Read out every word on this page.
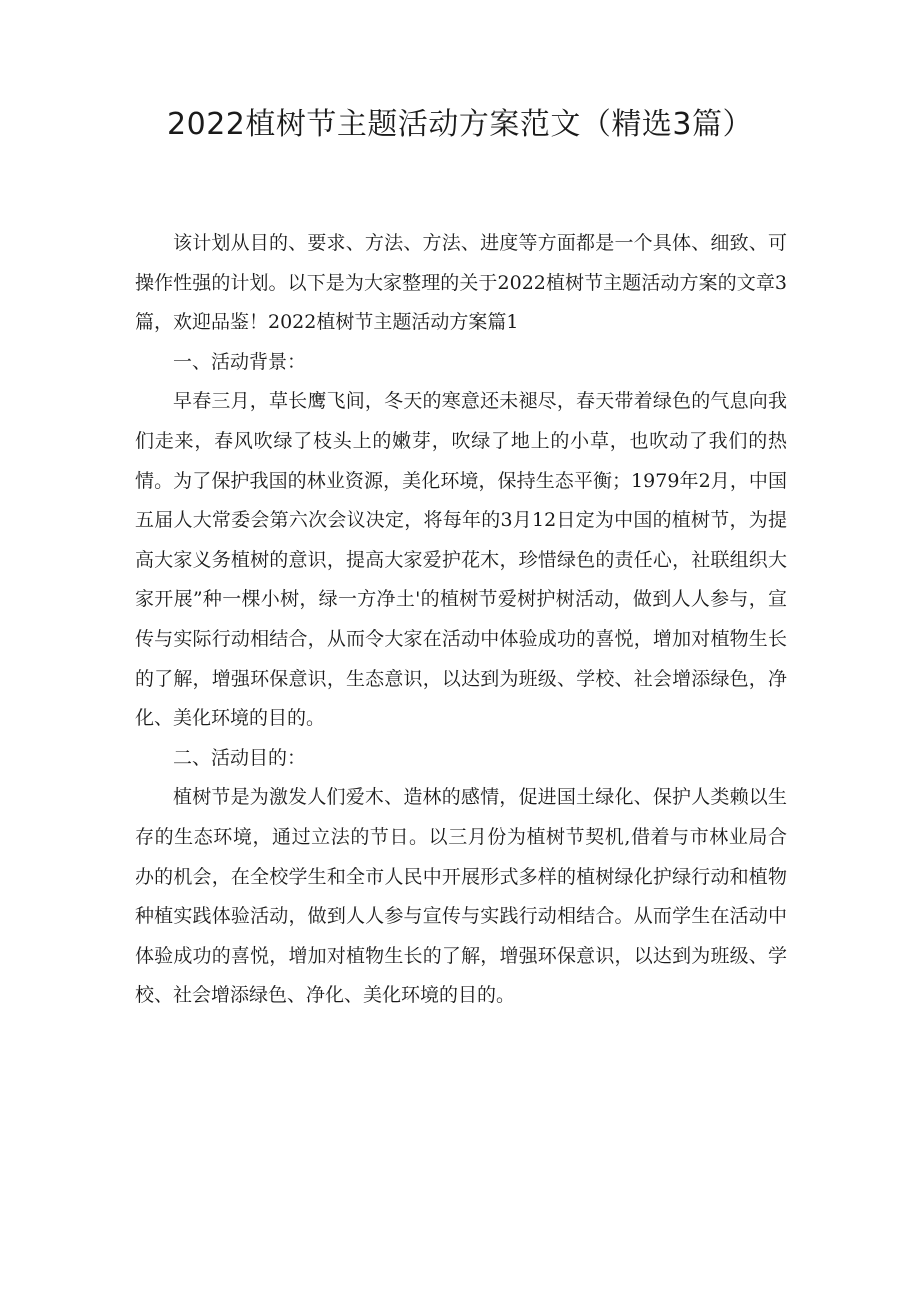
2022植树节主题活动方案范文（精选3篇）

该计划从目的、要求、方法、方法、进度等方面都是一个具体、细致、可操作性强的计划。以下是为大家整理的关于2022植树节主题活动方案的文章3篇，欢迎品鉴！2022植树节主题活动方案篇1

一、活动背景：

早春三月，草长鹰飞间，冬天的寒意还未褪尽，春天带着绿色的气息向我们走来，春风吹绿了枝头上的嫩芽，吹绿了地上的小草，也吹动了我们的热情。为了保护我国的林业资源，美化环境，保持生态平衡；1979年2月，中国五届人大常委会第六次会议决定，将每年的3月12日定为中国的植树节，为提高大家义务植树的意识，提高大家爱护花木，珍惜绿色的责任心，社联组织大家开展”种一棵小树，绿一方净土'的植树节爱树护树活动，做到人人参与，宣传与实际行动相结合，从而令大家在活动中体验成功的喜悦，增加对植物生长的了解，增强环保意识，生态意识，以达到为班级、学校、社会增添绿色，净化、美化环境的目的。

二、活动目的：

植树节是为激发人们爱木、造林的感情，促进国土绿化、保护人类赖以生存的生态环境，通过立法的节日。以三月份为植树节契机,借着与市林业局合办的机会，在全校学生和全市人民中开展形式多样的植树绿化护绿行动和植物种植实践体验活动，做到人人参与宣传与实践行动相结合。从而学生在活动中体验成功的喜悦，增加对植物生长的了解，增强环保意识，以达到为班级、学校、社会增添绿色、净化、美化环境的目的。
